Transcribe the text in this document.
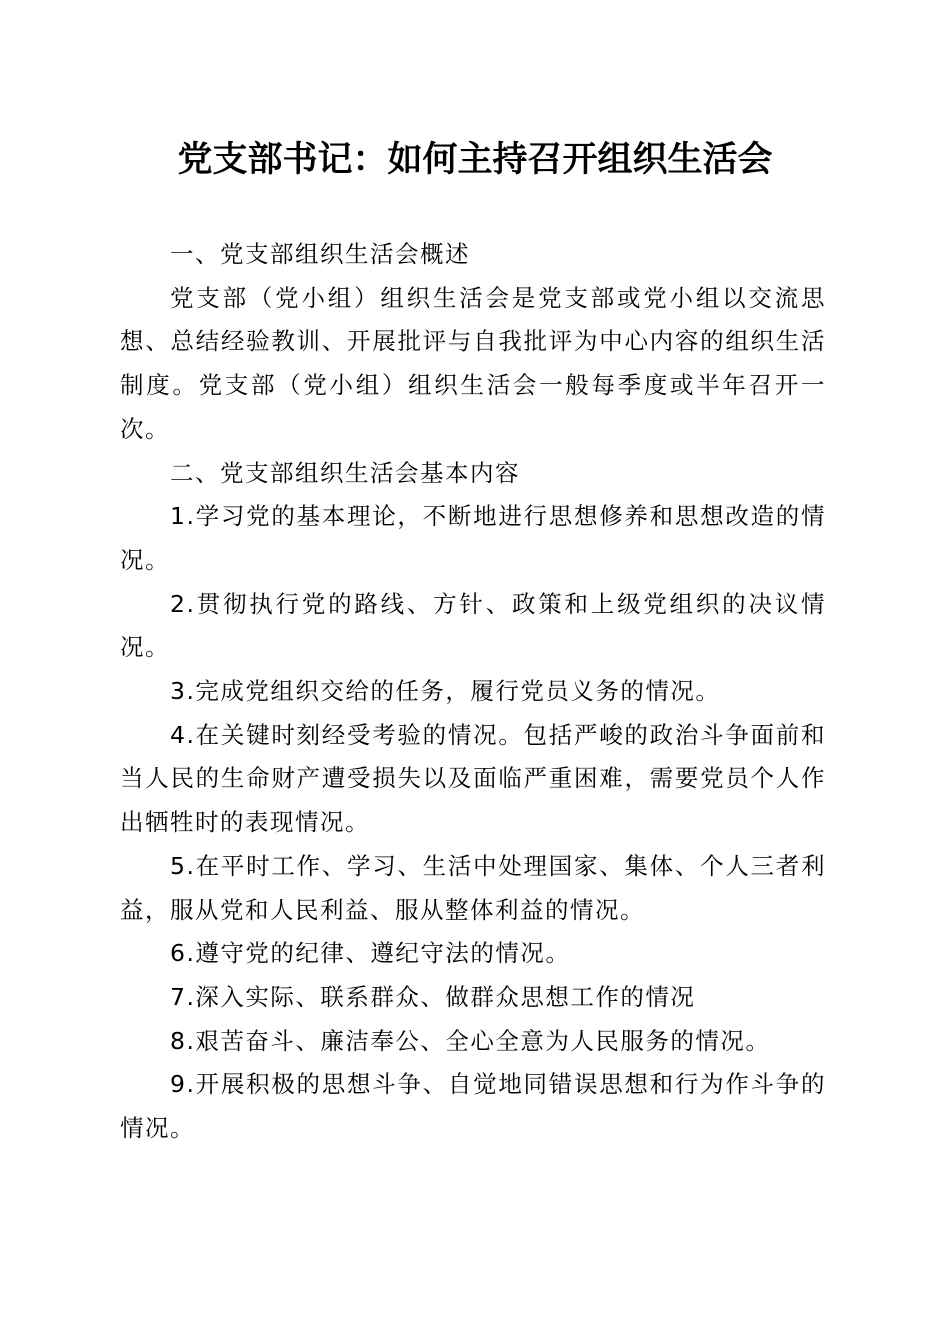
党支部书记：如何主持召开组织生活会

一、党支部组织生活会概述

党支部（党小组）组织生活会是党支部或党小组以交流思想、总结经验教训、开展批评与自我批评为中心内容的组织生活制度。党支部（党小组）组织生活会一般每季度或半年召开一次。

二、党支部组织生活会基本内容

1.学习党的基本理论，不断地进行思想修养和思想改造的情况。

2.贯彻执行党的路线、方针、政策和上级党组织的决议情况。

3.完成党组织交给的任务，履行党员义务的情况。

4.在关键时刻经受考验的情况。包括严峻的政治斗争面前和当人民的生命财产遭受损失以及面临严重困难，需要党员个人作出牺牲时的表现情况。

5.在平时工作、学习、生活中处理国家、集体、个人三者利益，服从党和人民利益、服从整体利益的情况。

6.遵守党的纪律、遵纪守法的情况。

7.深入实际、联系群众、做群众思想工作的情况

8.艰苦奋斗、廉洁奉公、全心全意为人民服务的情况。

9.开展积极的思想斗争、自觉地同错误思想和行为作斗争的情况。
